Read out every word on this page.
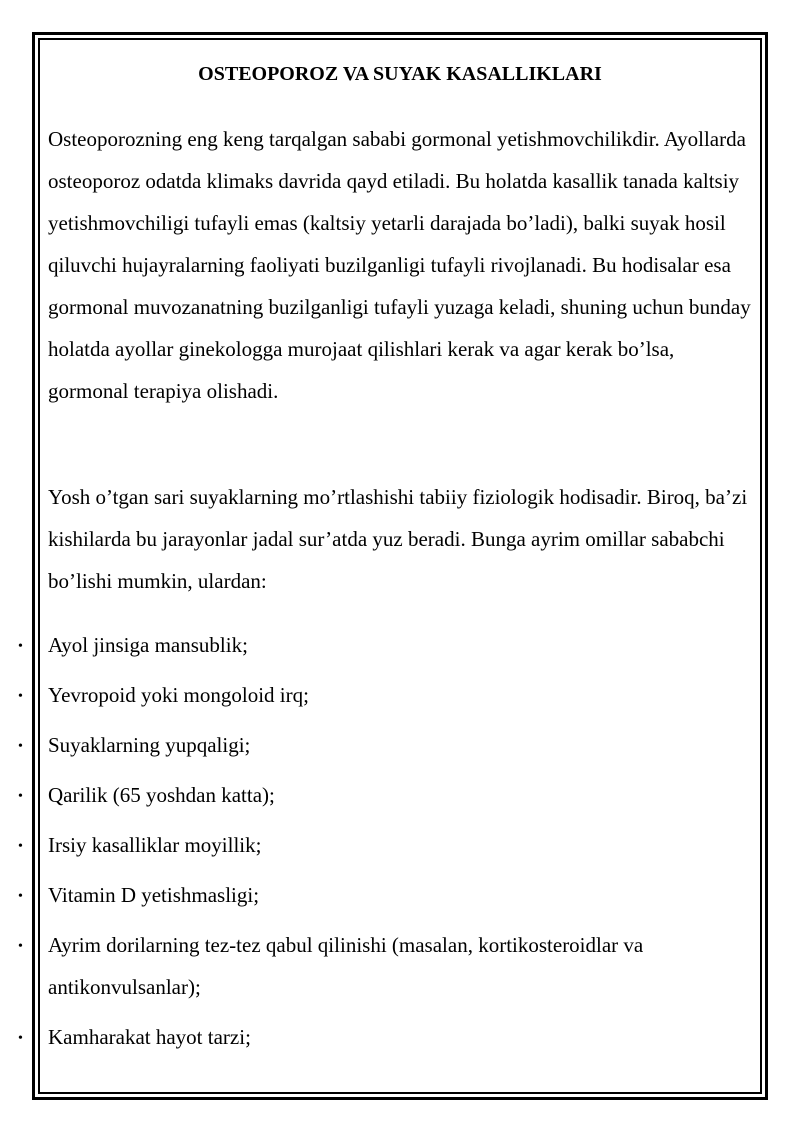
OSTEOPOROZ VA SUYAK KASALLIKLARI

Osteoporozning eng keng tarqalgan sababi gormonal yetishmovchilikdir. Ayollarda osteoporoz odatda klimaks davrida qayd etiladi. Bu holatda kasallik tanada kaltsiy yetishmovchiligi tufayli emas (kaltsiy yetarli darajada bo’ladi), balki suyak hosil qiluvchi hujayralarning faoliyati buzilganligi tufayli rivojlanadi. Bu hodisalar esa gormonal muvozanatning buzilganligi tufayli yuzaga keladi, shuning uchun bunday holatda ayollar ginekologga murojaat qilishlari kerak va agar kerak bo’lsa, gormonal terapiya olishadi.

Yosh o’tgan sari suyaklarning mo’rtlashishi tabiiy fiziologik hodisadir. Biroq, ba’zi kishilarda bu jarayonlar jadal sur’atda yuz beradi. Bunga ayrim omillar sababchi bo’lishi mumkin, ulardan:

• Ayol jinsiga mansublik;
• Yevropoid yoki mongoloid irq;
• Suyaklarning yupqaligi;
• Qarilik (65 yoshdan katta);
• Irsiy kasalliklar moyillik;
• Vitamin D yetishmasligi;
• Ayrim dorilarning tez-tez qabul qilinishi (masalan, kortikosteroidlar va antikonvulsanlar);
• Kamharakat hayot tarzi;
